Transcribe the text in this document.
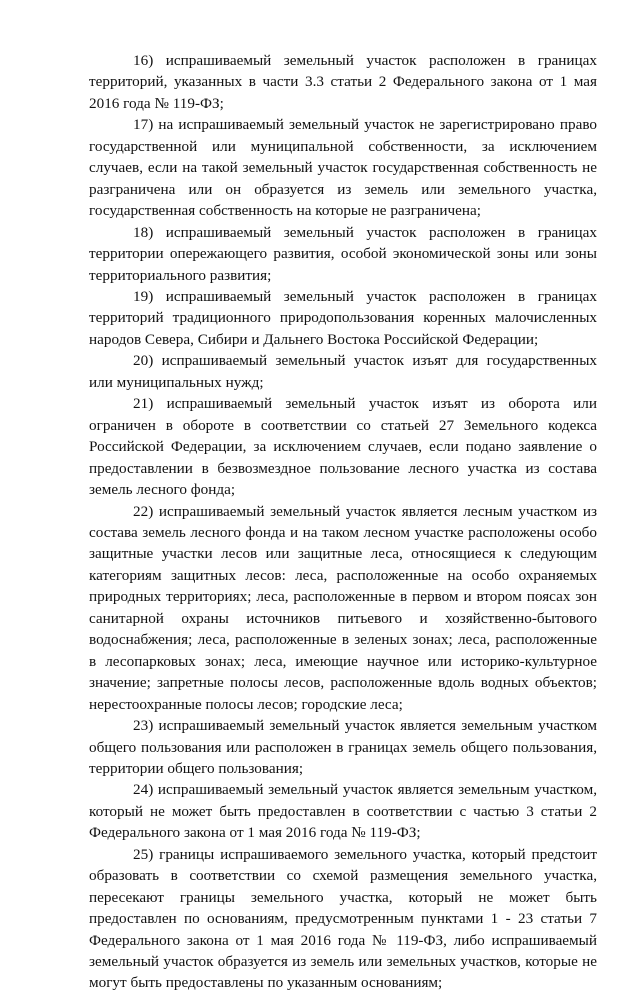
16) испрашиваемый земельный участок расположен в границах территорий, указанных в части 3.3 статьи 2 Федерального закона от 1 мая 2016 года № 119-ФЗ;

17) на испрашиваемый земельный участок не зарегистрировано право государственной или муниципальной собственности, за исключением случаев, если на такой земельный участок государственная собственность не разграничена или он образуется из земель или земельного участка, государственная собственность на которые не разграничена;

18) испрашиваемый земельный участок расположен в границах территории опережающего развития, особой экономической зоны или зоны территориального развития;

19) испрашиваемый земельный участок расположен в границах территорий традиционного природопользования коренных малочисленных народов Севера, Сибири и Дальнего Востока Российской Федерации;

20) испрашиваемый земельный участок изъят для государственных или муниципальных нужд;

21) испрашиваемый земельный участок изъят из оборота или ограничен в обороте в соответствии со статьей 27 Земельного кодекса Российской Федерации, за исключением случаев, если подано заявление о предоставлении в безвозмездное пользование лесного участка из состава земель лесного фонда;

22) испрашиваемый земельный участок является лесным участком из состава земель лесного фонда и на таком лесном участке расположены особо защитные участки лесов или защитные леса, относящиеся к следующим категориям защитных лесов: леса, расположенные на особо охраняемых природных территориях; леса, расположенные в первом и втором поясах зон санитарной охраны источников питьевого и хозяйственно-бытового водоснабжения; леса, расположенные в зеленых зонах; леса, расположенные в лесопарковых зонах; леса, имеющие научное или историко-культурное значение; запретные полосы лесов, расположенные вдоль водных объектов; нерестоохранные полосы лесов; городские леса;

23) испрашиваемый земельный участок является земельным участком общего пользования или расположен в границах земель общего пользования, территории общего пользования;

24) испрашиваемый земельный участок является земельным участком, который не может быть предоставлен в соответствии с частью 3 статьи 2 Федерального закона от 1 мая 2016 года № 119-ФЗ;

25) границы испрашиваемого земельного участка, который предстоит образовать в соответствии со схемой размещения земельного участка, пересекают границы земельного участка, который не может быть предоставлен по основаниям, предусмотренным пунктами 1 - 23 статьи 7 Федерального закона от 1 мая 2016 года № 119-ФЗ, либо испрашиваемый земельный участок образуется из земель или земельных участков, которые не могут быть предоставлены по указанным основаниям;
